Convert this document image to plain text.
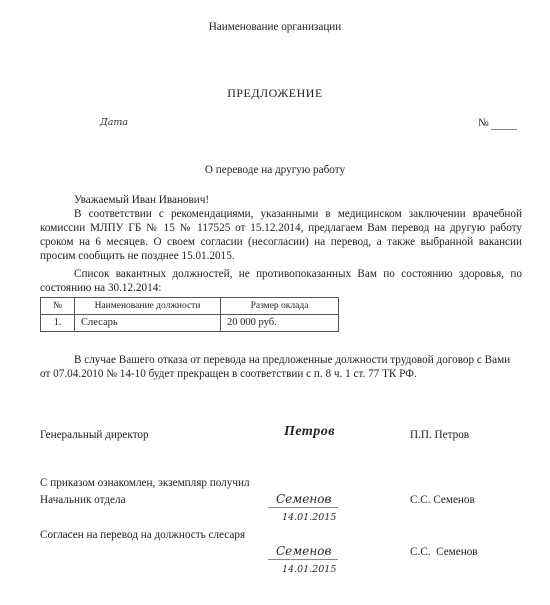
Наименование организации
ПРЕДЛОЖЕНИЕ
Дата	№
О переводе на другую работу
Уважаемый Иван Иванович!
В соответствии с рекомендациями, указанными в медицинском заключении врачебной комиссии МЛПУ ГБ № 15 № 117525 от 15.12.2014, предлагаем Вам перевод на другую работу сроком на 6 месяцев. О своем согласии (несогласии) на перевод, а также выбранной вакансии просим сообщить не позднее 15.01.2015.
Список вакантных должностей, не противопоказанных Вам по состоянию здоровья, по состоянию на 30.12.2014:
№	Наименование должности	Размер оклада
1.	Слесарь	20 000 руб.
В случае Вашего отказа от перевода на предложенные должности трудовой договор с Вами от 07.04.2010 № 14-10 будет прекращен в соответствии с п. 8 ч. 1 ст. 77 ТК РФ.
Генеральный директор	Петров	П.П. Петров
С приказом ознакомлен, экземпляр получил
Начальник отдела	Семенов
14.01.2015
С.С. Семенов
Согласен на перевод на должность слесаря
Семенов
14.01.2015
С.С.  Семенов
